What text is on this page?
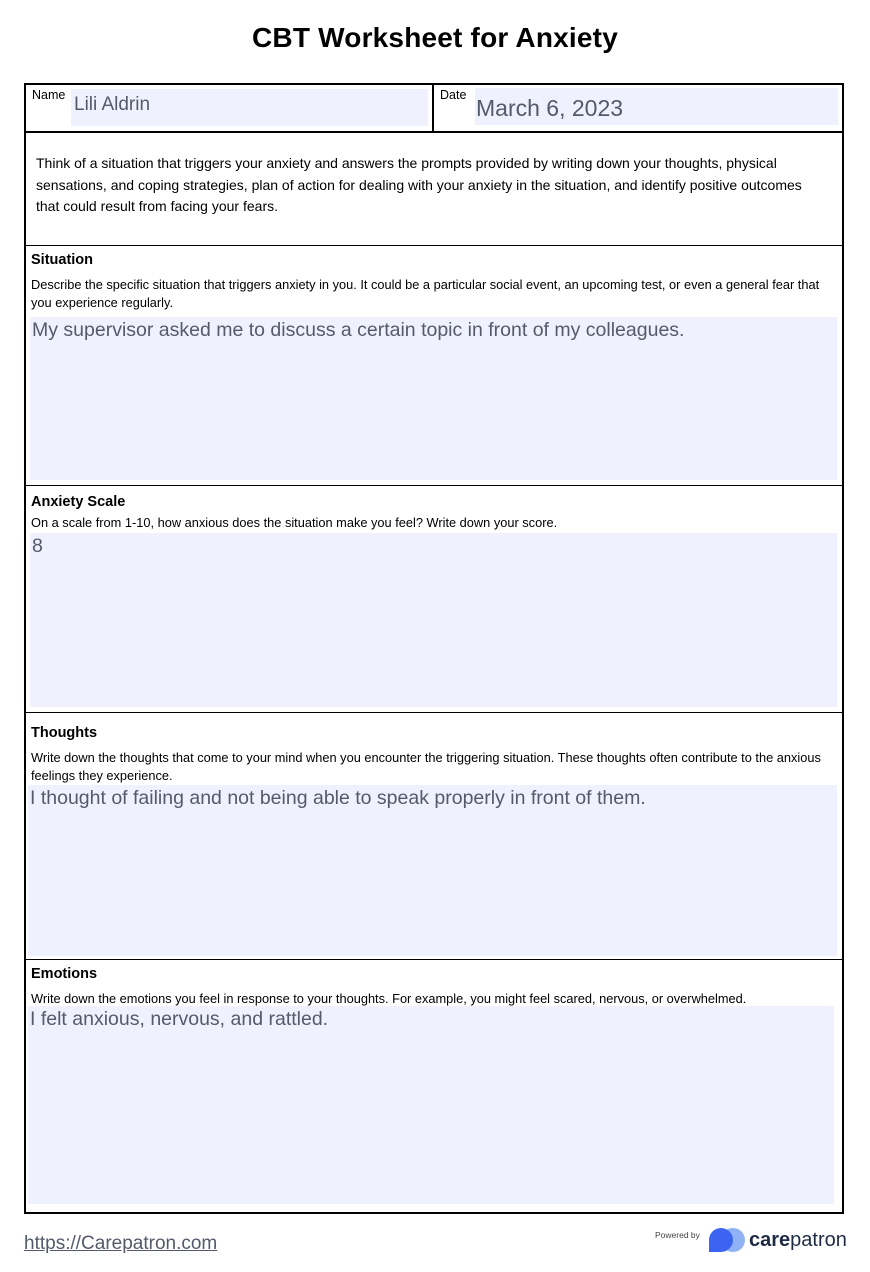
CBT Worksheet for Anxiety
Name Lili Aldrin	Date March 6, 2023

Think of a situation that triggers your anxiety and answers the prompts provided by writing down your thoughts, physical sensations, and coping strategies, plan of action for dealing with your anxiety in the situation, and identify positive outcomes that could result from facing your fears.

Situation
Describe the specific situation that triggers anxiety in you. It could be a particular social event, an upcoming test, or even a general fear that you experience regularly.
My supervisor asked me to discuss a certain topic in front of my colleagues.
Anxiety Scale
On a scale from 1-10, how anxious does the situation make you feel? Write down your score.
8
Thoughts
Write down the thoughts that come to your mind when you encounter the triggering situation. These thoughts often contribute to the anxious feelings they experience.
I thought of failing and not being able to speak properly in front of them.
Emotions
Write down the emotions you feel in response to your thoughts. For example, you might feel scared, nervous, or overwhelmed.
I felt anxious, nervous, and rattled.
https://Carepatron.com	Powered by carepatron
